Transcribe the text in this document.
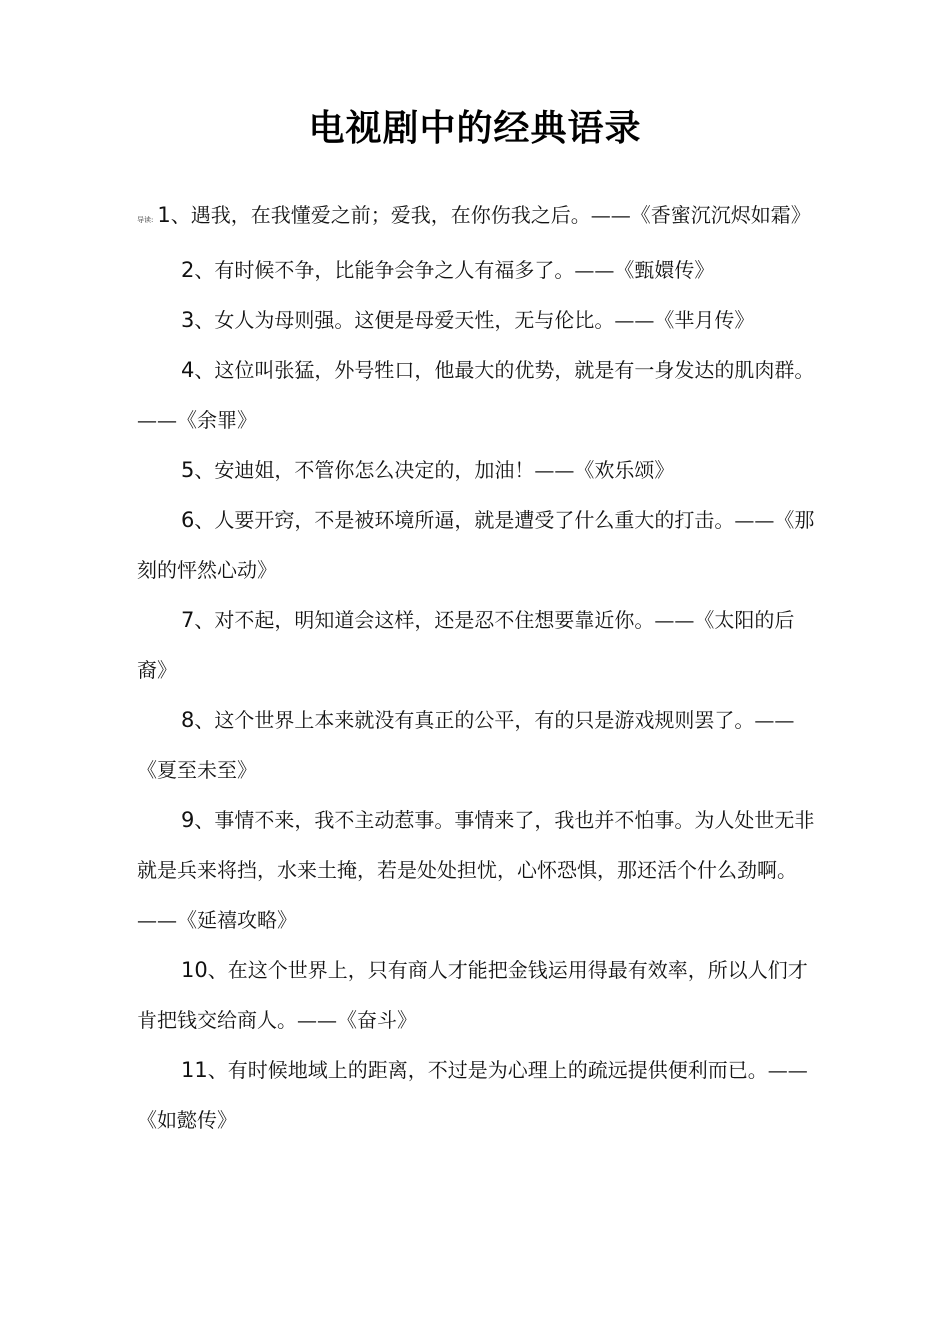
电视剧中的经典语录

导读: 1、遇我，在我懂爱之前；爱我，在你伤我之后。——《香蜜沉沉烬如霜》

2、有时候不争，比能争会争之人有福多了。——《甄嬛传》

3、女人为母则强。这便是母爱天性，无与伦比。——《芈月传》

4、这位叫张猛，外号牲口，他最大的优势，就是有一身发达的肌肉群。——《余罪》

5、安迪姐，不管你怎么决定的，加油！——《欢乐颂》

6、人要开窍，不是被环境所逼，就是遭受了什么重大的打击。——《那刻的怦然心动》

7、对不起，明知道会这样，还是忍不住想要靠近你。——《太阳的后裔》

8、这个世界上本来就没有真正的公平，有的只是游戏规则罢了。——《夏至未至》

9、事情不来，我不主动惹事。事情来了，我也并不怕事。为人处世无非就是兵来将挡，水来土掩，若是处处担忧，心怀恐惧，那还活个什么劲啊。——《延禧攻略》

10、在这个世界上，只有商人才能把金钱运用得最有效率，所以人们才肯把钱交给商人。——《奋斗》

11、有时候地域上的距离，不过是为心理上的疏远提供便利而已。——《如懿传》
